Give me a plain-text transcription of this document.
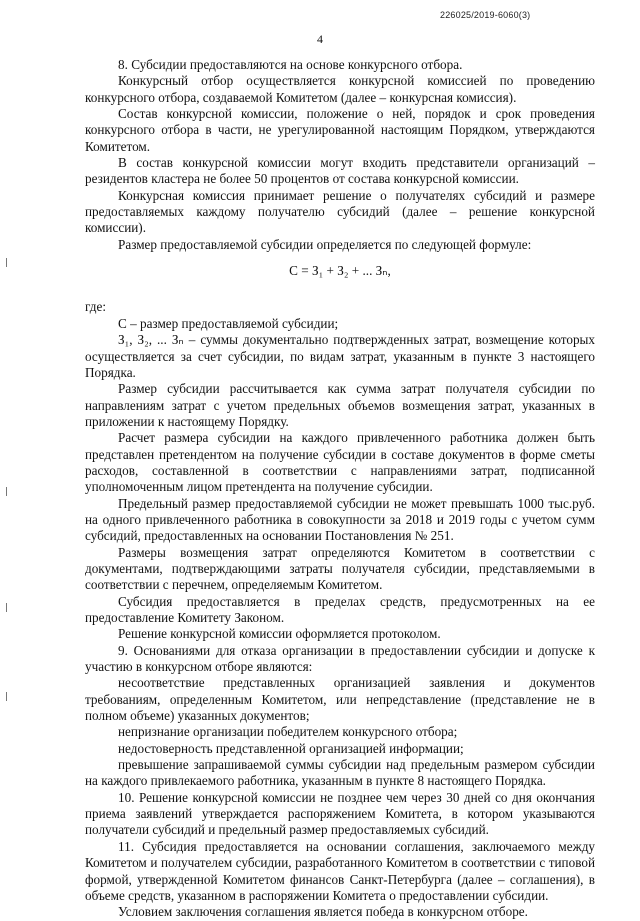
226025/2019-6060(3)
4

8. Субсидии предоставляются на основе конкурсного отбора.

Конкурсный отбор осуществляется конкурсной комиссией по проведению конкурсного отбора, создаваемой Комитетом (далее – конкурсная комиссия).

Состав конкурсной комиссии, положение о ней, порядок и срок проведения конкурсного отбора в части, не урегулированной настоящим Порядком, утверждаются Комитетом.

В состав конкурсной комиссии могут входить представители организаций – резидентов кластера не более 50 процентов от состава конкурсной комиссии.

Конкурсная комиссия принимает решение о получателях субсидий и размере предоставляемых каждому получателю субсидий (далее – решение конкурсной комиссии).

Размер предоставляемой субсидии определяется по следующей формуле:

С = З₁ + З₂ + ... Зₙ,

где:

С – размер предоставляемой субсидии;

З₁, З₂, ... Зₙ – суммы документально подтвержденных затрат, возмещение которых осуществляется за счет субсидии, по видам затрат, указанным в пункте 3 настоящего Порядка.

Размер субсидии рассчитывается как сумма затрат получателя субсидии по направлениям затрат с учетом предельных объемов возмещения затрат, указанных в приложении к настоящему Порядку.

Расчет размера субсидии на каждого привлеченного работника должен быть представлен претендентом на получение субсидии в составе документов в форме сметы расходов, составленной в соответствии с направлениями затрат, подписанной уполномоченным лицом претендента на получение субсидии.

Предельный размер предоставляемой субсидии не может превышать 1000 тыс.руб. на одного привлеченного работника в совокупности за 2018 и 2019 годы с учетом сумм субсидий, предоставленных на основании Постановления № 251.

Размеры возмещения затрат определяются Комитетом в соответствии с документами, подтверждающими затраты получателя субсидии, представляемыми в соответствии с перечнем, определяемым Комитетом.

Субсидия предоставляется в пределах средств, предусмотренных на ее предоставление Комитету Законом.

Решение конкурсной комиссии оформляется протоколом.

9. Основаниями для отказа организации в предоставлении субсидии и допуске к участию в конкурсном отборе являются:

несоответствие представленных организацией заявления и документов требованиям, определенным Комитетом, или непредставление (представление не в полном объеме) указанных документов;

непризнание организации победителем конкурсного отбора;

недостоверность представленной организацией информации;

превышение запрашиваемой суммы субсидии над предельным размером субсидии на каждого привлекаемого работника, указанным в пункте 8 настоящего Порядка.

10. Решение конкурсной комиссии не позднее чем через 30 дней со дня окончания приема заявлений утверждается распоряжением Комитета, в котором указываются получатели субсидий и предельный размер предоставляемых субсидий.

11. Субсидия предоставляется на основании соглашения, заключаемого между Комитетом и получателем субсидии, разработанного Комитетом в соответствии с типовой формой, утвержденной Комитетом финансов Санкт-Петербурга (далее – соглашения), в объеме средств, указанном в распоряжении Комитета о предоставлении субсидии.

Условием заключения соглашения является победа в конкурсном отборе.
